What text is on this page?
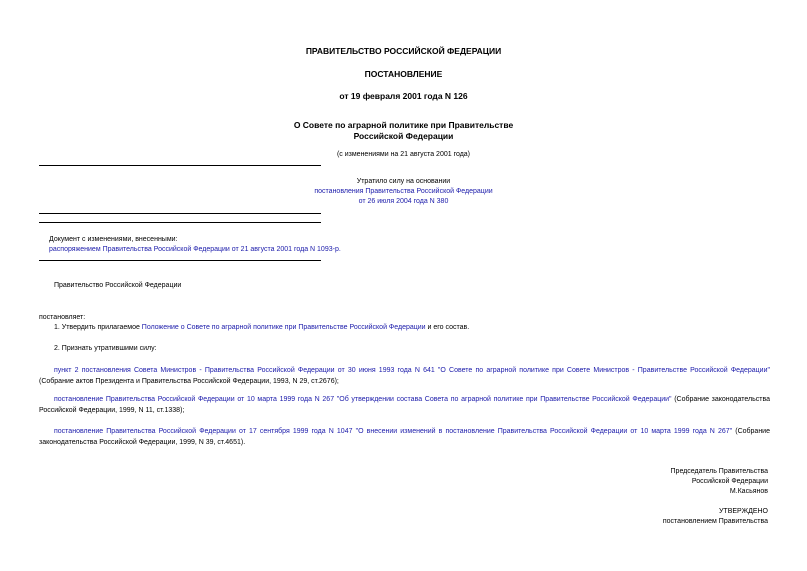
ПРАВИТЕЛЬСТВО РОССИЙСКОЙ ФЕДЕРАЦИИ
ПОСТАНОВЛЕНИЕ
от 19 февраля 2001 года N 126
О Совете по аграрной политике при Правительстве
Российской Федерации
(с изменениями на 21 августа 2001 года)
Утратило силу на основании
постановления Правительства Российской Федерации
от 26 июля 2004 года N 380
Документ с изменениями, внесенными:
распоряжением Правительства Российской Федерации от 21 августа 2001 года N 1093-р.
Правительство Российской Федерации
постановляет:
1. Утвердить прилагаемое Положение о Совете по аграрной политике при Правительстве Российской Федерации и его состав.
2. Признать утратившими силу:
пункт 2 постановления Совета Министров - Правительства Российской Федерации от 30 июня 1993 года N 641 "О Совете по аграрной политике при Совете Министров - Правительстве Российской Федерации" (Собрание актов Президента и Правительства Российской Федерации, 1993, N 29, ст.2676);
постановление Правительства Российской Федерации от 10 марта 1999 года N 267 "Об утверждении состава Совета по аграрной политике при Правительстве Российской Федерации" (Собрание законодательства Российской Федерации, 1999, N 11, ст.1338);
постановление Правительства Российской Федерации от 17 сентября 1999 года N 1047 "О внесении изменений в постановление Правительства Российской Федерации от 10 марта 1999 года N 267" (Собрание законодательства Российской Федерации, 1999, N 39, ст.4651).
Председатель Правительства
Российской Федерации
М.Касьянов
УТВЕРЖДЕНО
постановлением Правительства
